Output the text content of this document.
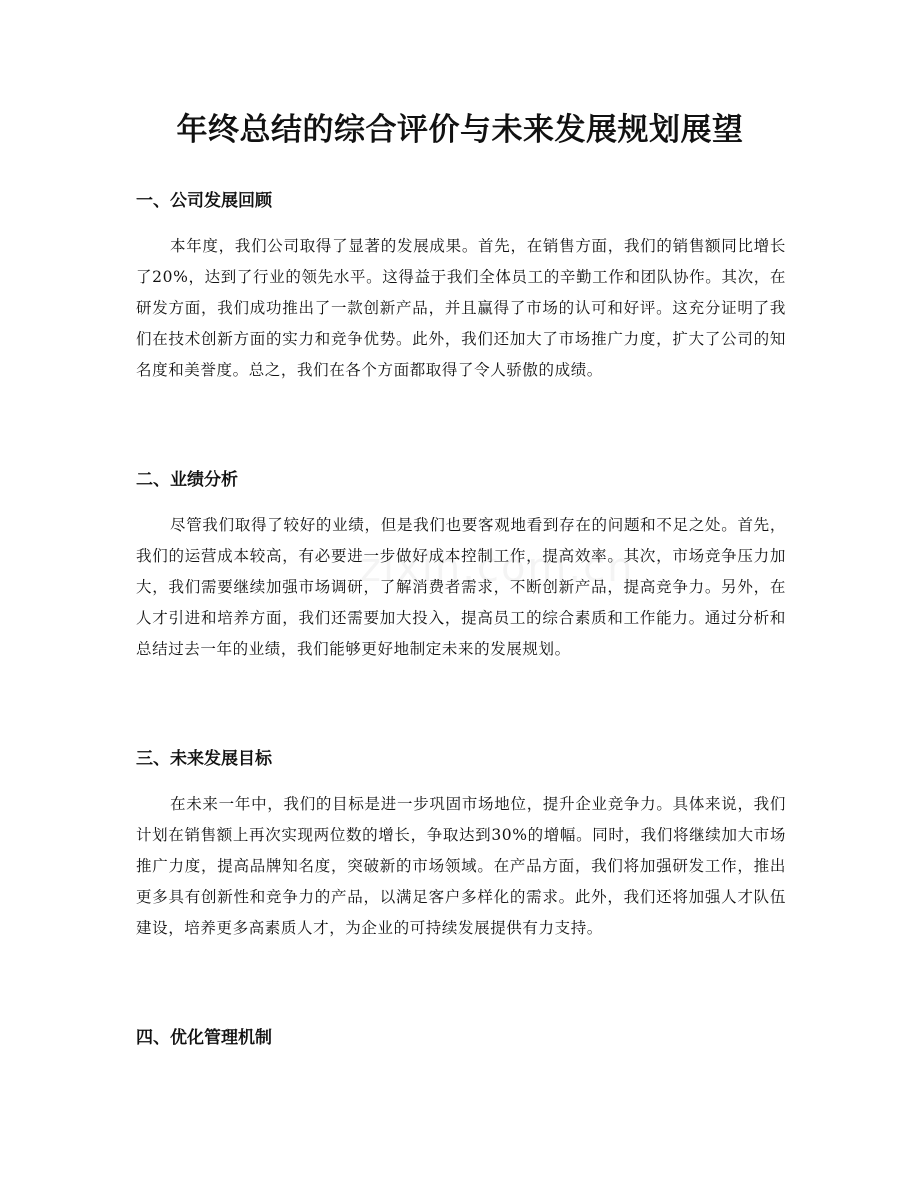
年终总结的综合评价与未来发展规划展望
一、公司发展回顾

本年度，我们公司取得了显著的发展成果。首先，在销售方面，我们的销售额同比增长了20%，达到了行业的领先水平。这得益于我们全体员工的辛勤工作和团队协作。其次，在研发方面，我们成功推出了一款创新产品，并且赢得了市场的认可和好评。这充分证明了我们在技术创新方面的实力和竞争优势。此外，我们还加大了市场推广力度，扩大了公司的知名度和美誉度。总之，我们在各个方面都取得了令人骄傲的成绩。

二、业绩分析

尽管我们取得了较好的业绩，但是我们也要客观地看到存在的问题和不足之处。首先，我们的运营成本较高，有必要进一步做好成本控制工作，提高效率。其次，市场竞争压力加大，我们需要继续加强市场调研，了解消费者需求，不断创新产品，提高竞争力。另外，在人才引进和培养方面，我们还需要加大投入，提高员工的综合素质和工作能力。通过分析和总结过去一年的业绩，我们能够更好地制定未来的发展规划。

三、未来发展目标

在未来一年中，我们的目标是进一步巩固市场地位，提升企业竞争力。具体来说，我们计划在销售额上再次实现两位数的增长，争取达到30%的增幅。同时，我们将继续加大市场推广力度，提高品牌知名度，突破新的市场领域。在产品方面，我们将加强研发工作，推出更多具有创新性和竞争力的产品，以满足客户多样化的需求。此外，我们还将加强人才队伍建设，培养更多高素质人才，为企业的可持续发展提供有力支持。

四、优化管理机制
